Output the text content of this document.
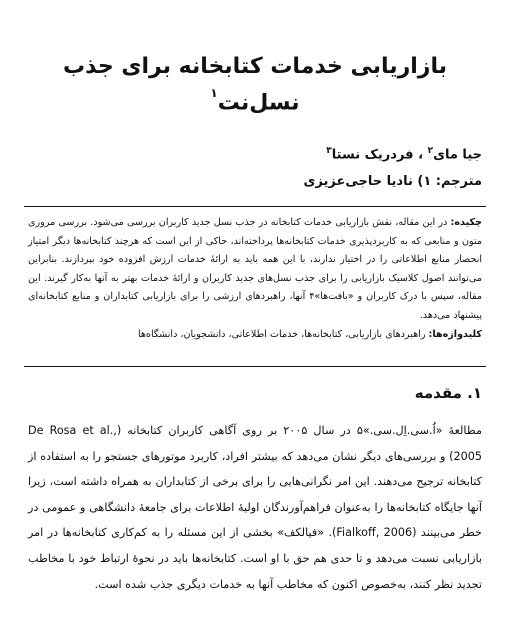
بازاریابی خدمات کتابخانه برای جذب نسل‌نت$^۱$
جیا مای$^۲$ ، فردریک نستا$^۳$
مترجم: ۱) نادیا حاجی‌عزیزی
چکیده: در این مقاله، نقش بازاریابی خدمات کتابخانه در جذب نسل جدید کاربران بررسی می‌شود. بررسی مروری متون و منابعی که به کاربردپذیری خدمات کتابخانه‌ها پرداخته‌اند، حاکی از این است که هرچند کتابخانه‌ها دیگر امتیاز انحصار منابع اطلاعاتی را در اختیار ندارند، با این همه باید به ارائهٔ خدمات ارزش افزوده خود بپردازند. بنابراین می‌توانند اصول کلاسیک بازاریابی را برای جذب نسل‌های جدید کاربران و ارائهٔ خدمات بهتر به آنها به‌کار گیرند. این مقاله، سپس با درک کاربران و «بافت‌ها»۴ آنها، راهبردهای ارزشی را برای بازاریابی کتابداران و منابع کتابخانه‌ای پیشنهاد می‌دهد.
کلیدواژه‌ها: راهبردهای بازاریابی، کتابخانه‌ها، خدمات اطلاعاتی، دانشجویان، دانشگاه‌ها
۱. مقدمه

مطالعهٔ «اُ.سی.اِل.سی.»۵ در سال ۲۰۰۵ بر روی آگاهی کاربران کتابخانه (De Rosa et al., 2005) و بررسی‌های دیگر نشان می‌دهد که بیشتر افراد، کاربرد موتورهای جستجو را به استفاده از کتابخانه ترجیح می‌دهند. این امر نگرانی‌هایی را برای برخی از کتابداران به همراه داشته است، زیرا آنها جایگاه کتابخانه‌ها را به‌عنوان فراهم‌آورندگان اولیهٔ اطلاعات برای جامعهٔ دانشگاهی و عمومی در خطر می‌بینند (Fialkoff, 2006). «فیالکف» بخشی از این مسئله را به کم‌کاری کتابخانه‌ها در امر بازاریابی نسبت می‌دهد و تا حدی هم حق با او است. کتابخانه‌ها باید در نحوهٔ ارتباط خود با مخاطب تجدید نظر کنند، به‌خصوص اکنون که مخاطب آنها به خدمات دیگری جذب شده است.
